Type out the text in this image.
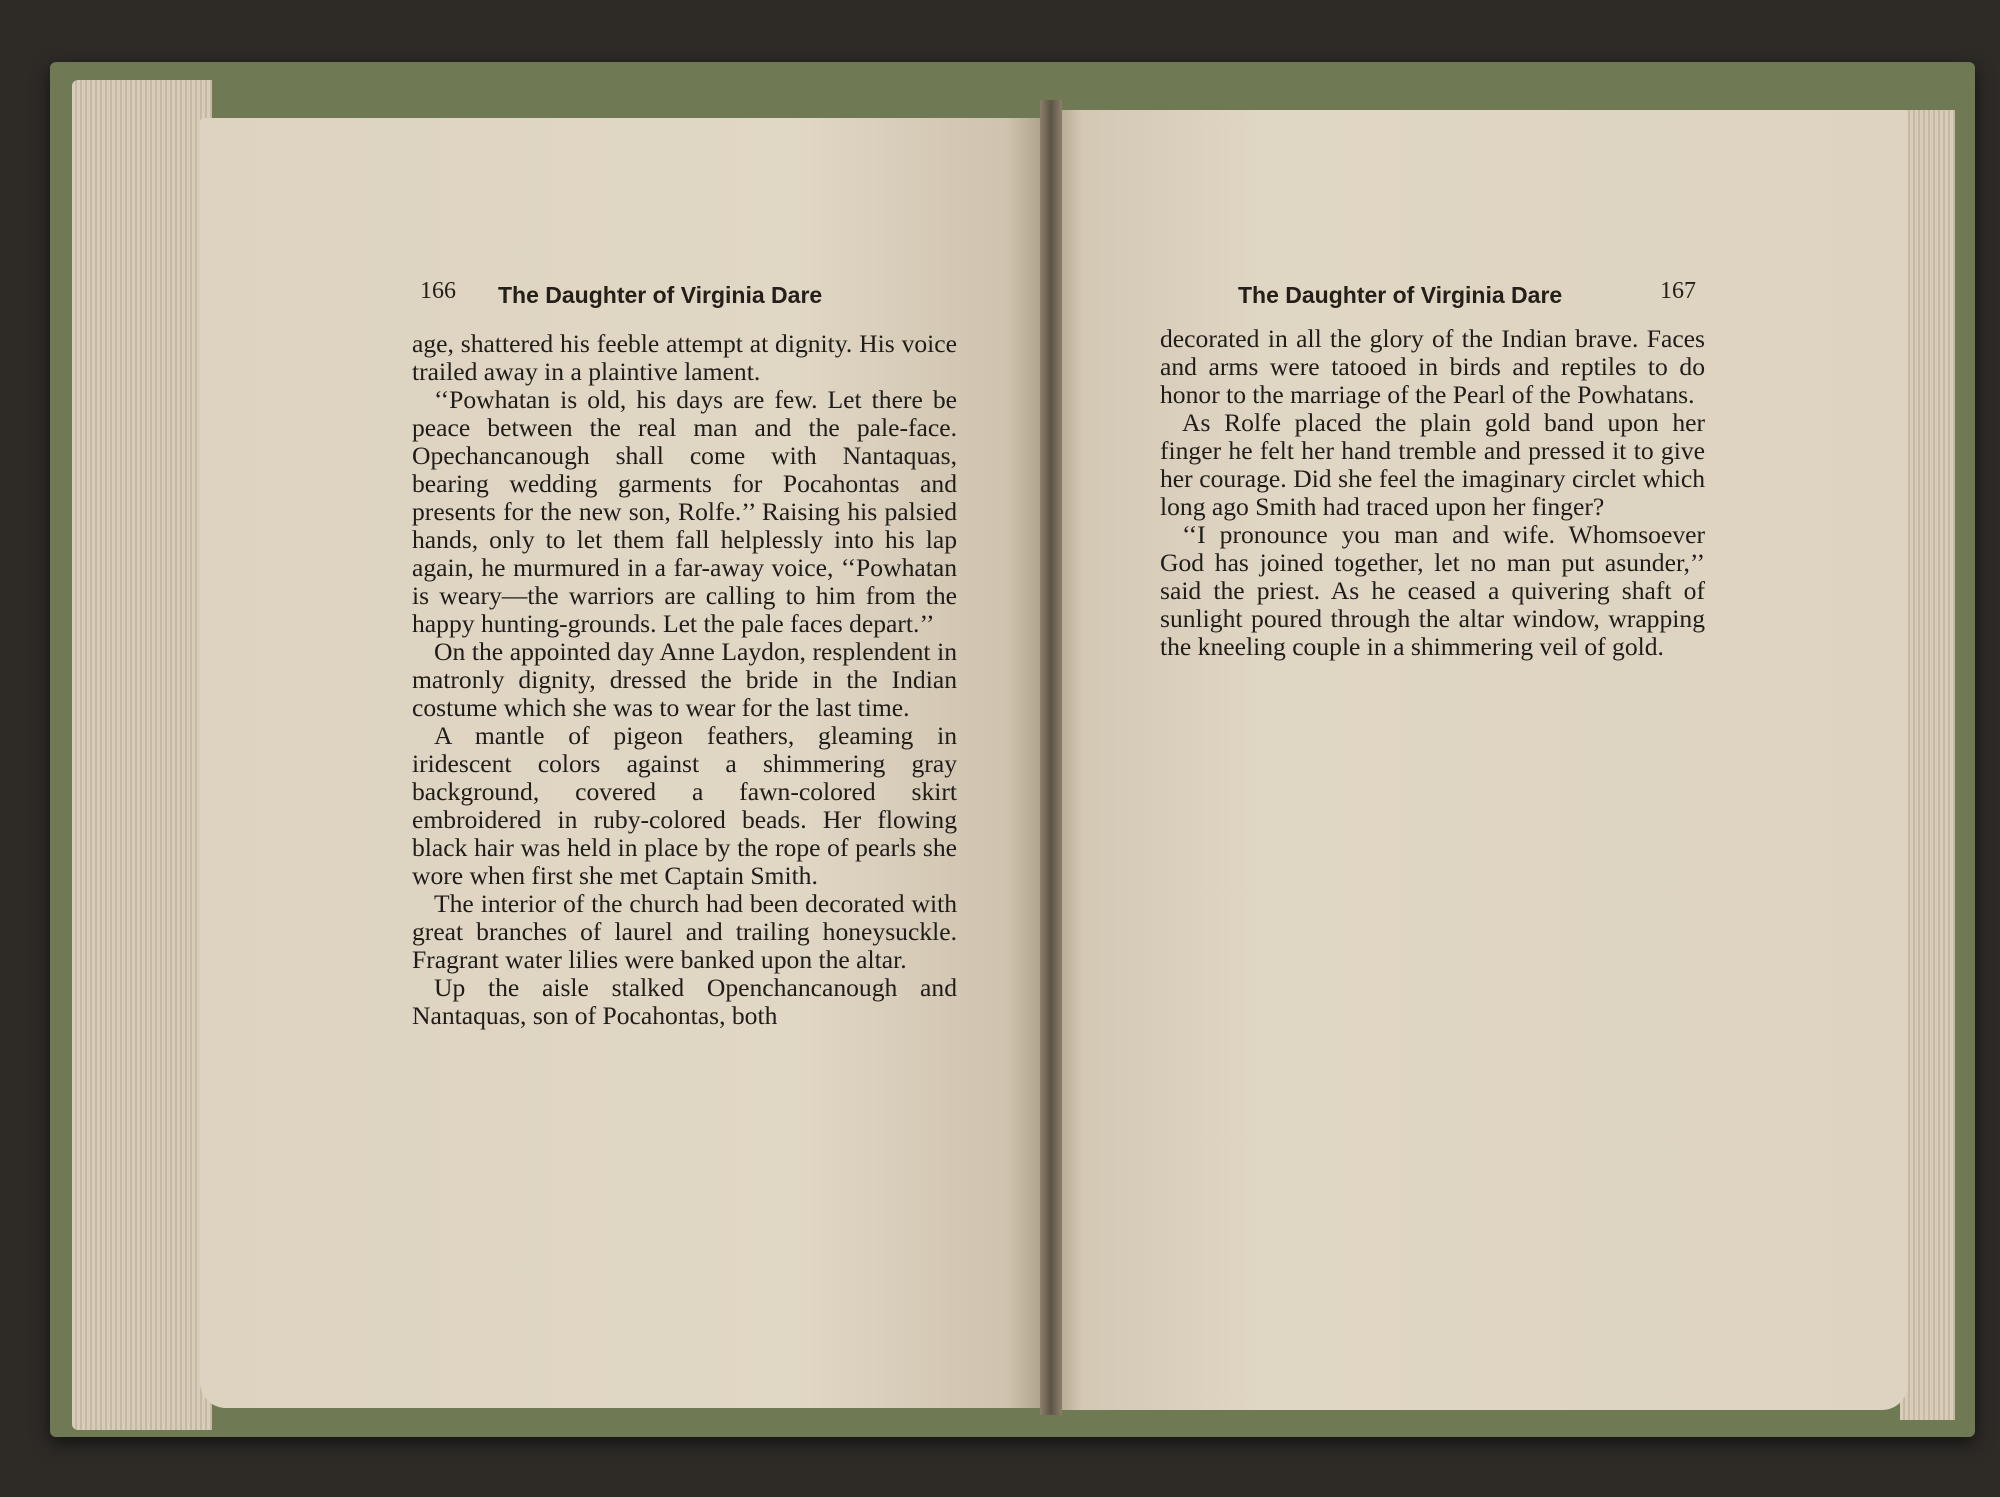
166 The Daughter of Virginia Dare	The Daughter of Virginia Dare	167

age, shattered his feeble attempt at dignity. His voice trailed away in a plaintive lament.

‘‘Powhatan is old, his days are few. Let there be peace between the real man and the pale-face. Opechancanough shall come with Nantaquas, bearing wedding garments for Pocahontas and presents for the new son, Rolfe.’’ Raising his palsied hands, only to let them fall helplessly into his lap again, he murmured in a far-away voice, ‘‘Powhatan is weary—the warriors are calling to him from the happy hunting-grounds. Let the pale faces depart.’’

On the appointed day Anne Laydon, resplendent in matronly dignity, dressed the bride in the Indian costume which she was to wear for the last time.

A mantle of pigeon feathers, gleaming in iridescent colors against a shimmering gray background, covered a fawn-colored skirt embroidered in ruby-colored beads. Her flowing black hair was held in place by the rope of pearls she wore when first she met Captain Smith.

The interior of the church had been decorated with great branches of laurel and trailing honeysuckle. Fragrant water lilies were banked upon the altar.

Up the aisle stalked Openchancanough and Nantaquas, son of Pocahontas, both

decorated in all the glory of the Indian brave. Faces and arms were tatooed in birds and reptiles to do honor to the marriage of the Pearl of the Powhatans.

As Rolfe placed the plain gold band upon her finger he felt her hand tremble and pressed it to give her courage. Did she feel the imaginary circlet which long ago Smith had traced upon her finger?

‘‘I pronounce you man and wife. Whomsoever God has joined together, let no man put asunder,’’ said the priest. As he ceased a quivering shaft of sunlight poured through the altar window, wrapping the kneeling couple in a shimmering veil of gold.
